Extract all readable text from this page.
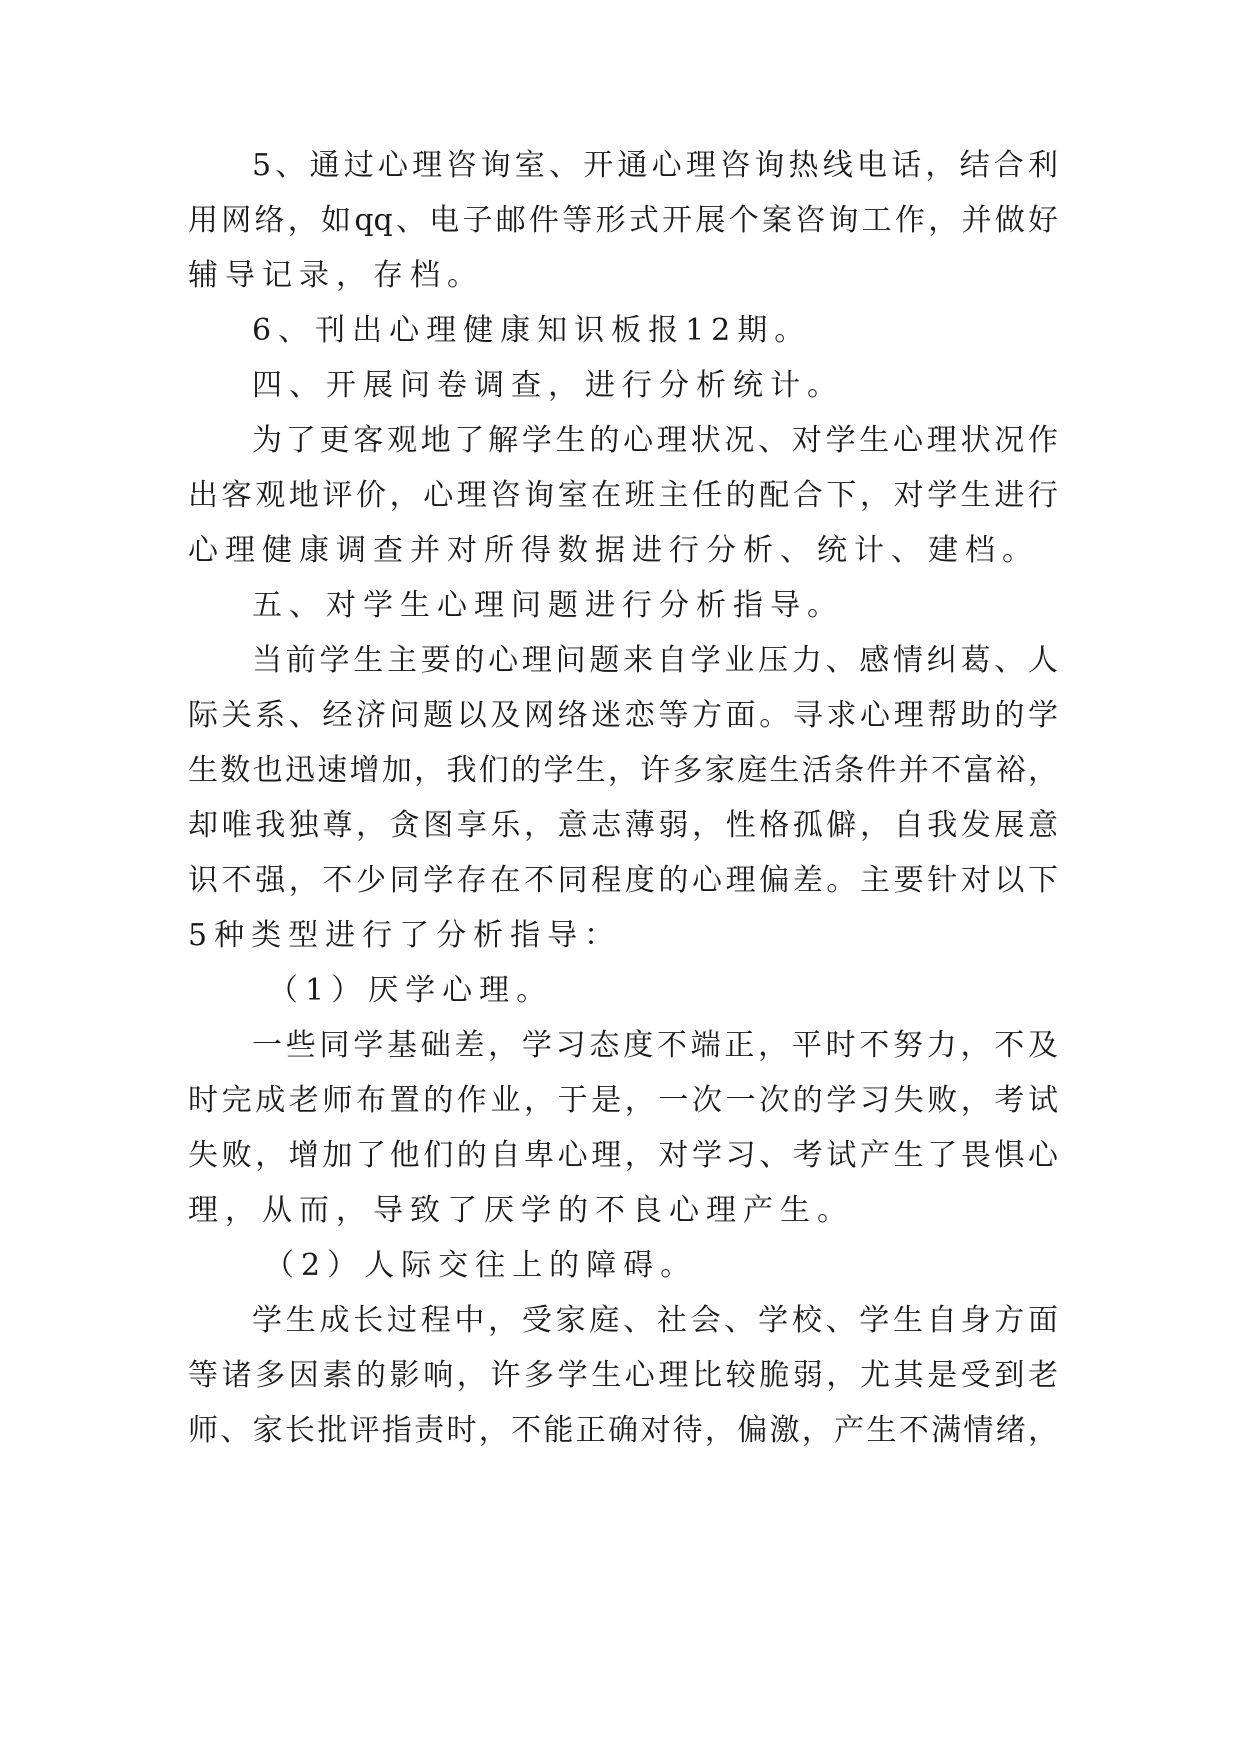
5、通过心理咨询室、开通心理咨询热线电话，结合利
用网络，如qq、电子邮件等形式开展个案咨询工作，并做好
辅导记录，存档。
6、刊出心理健康知识板报12期。
四、开展问卷调查，进行分析统计。
为了更客观地了解学生的心理状况、对学生心理状况作
出客观地评价，心理咨询室在班主任的配合下，对学生进行
心理健康调查并对所得数据进行分析、统计、建档。
五、对学生心理问题进行分析指导。
当前学生主要的心理问题来自学业压力、感情纠葛、人
际关系、经济问题以及网络迷恋等方面。寻求心理帮助的学
生数也迅速增加，我们的学生，许多家庭生活条件并不富裕，
却唯我独尊，贪图享乐，意志薄弱，性格孤僻，自我发展意
识不强，不少同学存在不同程度的心理偏差。主要针对以下
5种类型进行了分析指导：
（1）厌学心理。
一些同学基础差，学习态度不端正，平时不努力，不及
时完成老师布置的作业，于是，一次一次的学习失败，考试
失败，增加了他们的自卑心理，对学习、考试产生了畏惧心
理，从而，导致了厌学的不良心理产生。
（2）人际交往上的障碍。
学生成长过程中，受家庭、社会、学校、学生自身方面
等诸多因素的影响，许多学生心理比较脆弱，尤其是受到老
师、家长批评指责时，不能正确对待，偏激，产生不满情绪，
